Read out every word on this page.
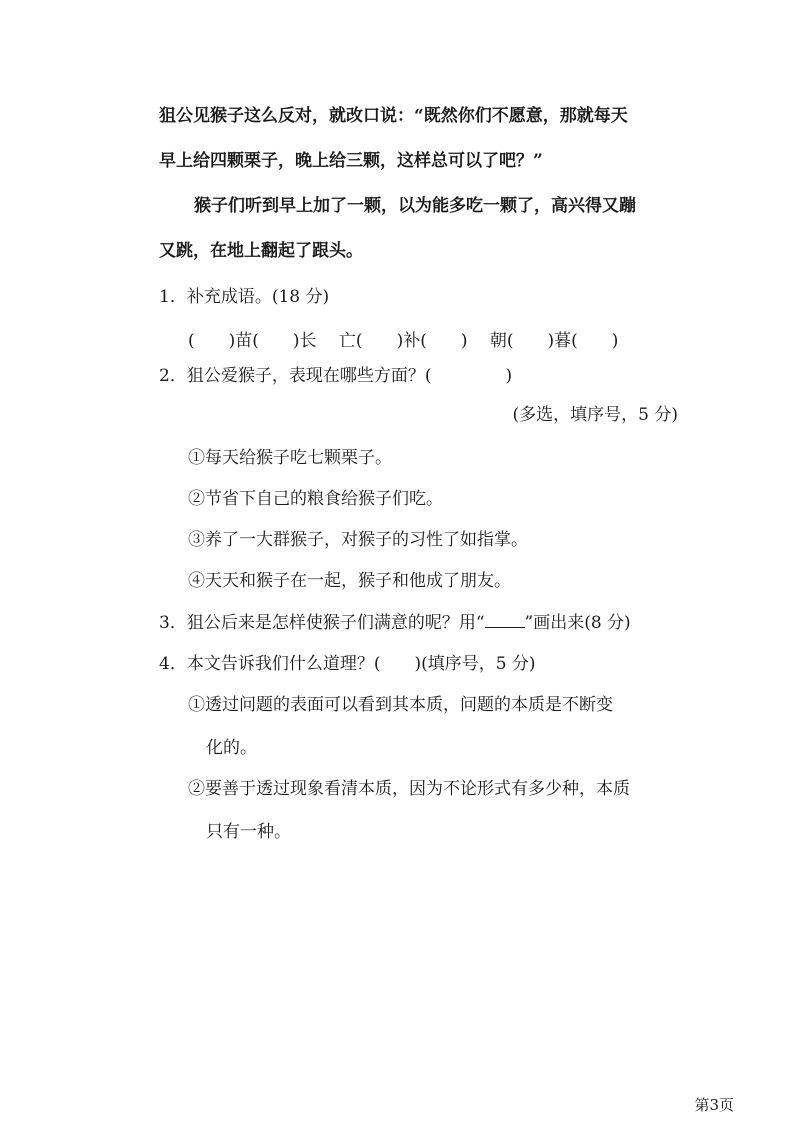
狙公见猴子这么反对，就改口说：“既然你们不愿意，那就每天
早上给四颗栗子，晚上给三颗，这样总可以了吧？”
猴子们听到早上加了一颗，以为能多吃一颗了，高兴得又蹦
又跳，在地上翻起了跟头。
1．补充成语。(18 分)
(　　)苗(　　)长　 亡(　　)补(　　)　 朝(　　)暮(　　)
2．狙公爱猴子，表现在哪些方面？(	)
(多选，填序号，5 分)
①每天给猴子吃七颗栗子。
②节省下自己的粮食给猴子们吃。
③养了一大群猴子，对猴子的习性了如指掌。
④天天和猴子在一起，猴子和他成了朋友。
3．狙公后来是怎样使猴子们满意的呢？用“ ”画出来(8 分)
4．本文告诉我们什么道理？(　　)(填序号，5 分)
①透过问题的表面可以看到其本质，问题的本质是不断变
化的。
②要善于透过现象看清本质，因为不论形式有多少种，本质
只有一种。
第3页
